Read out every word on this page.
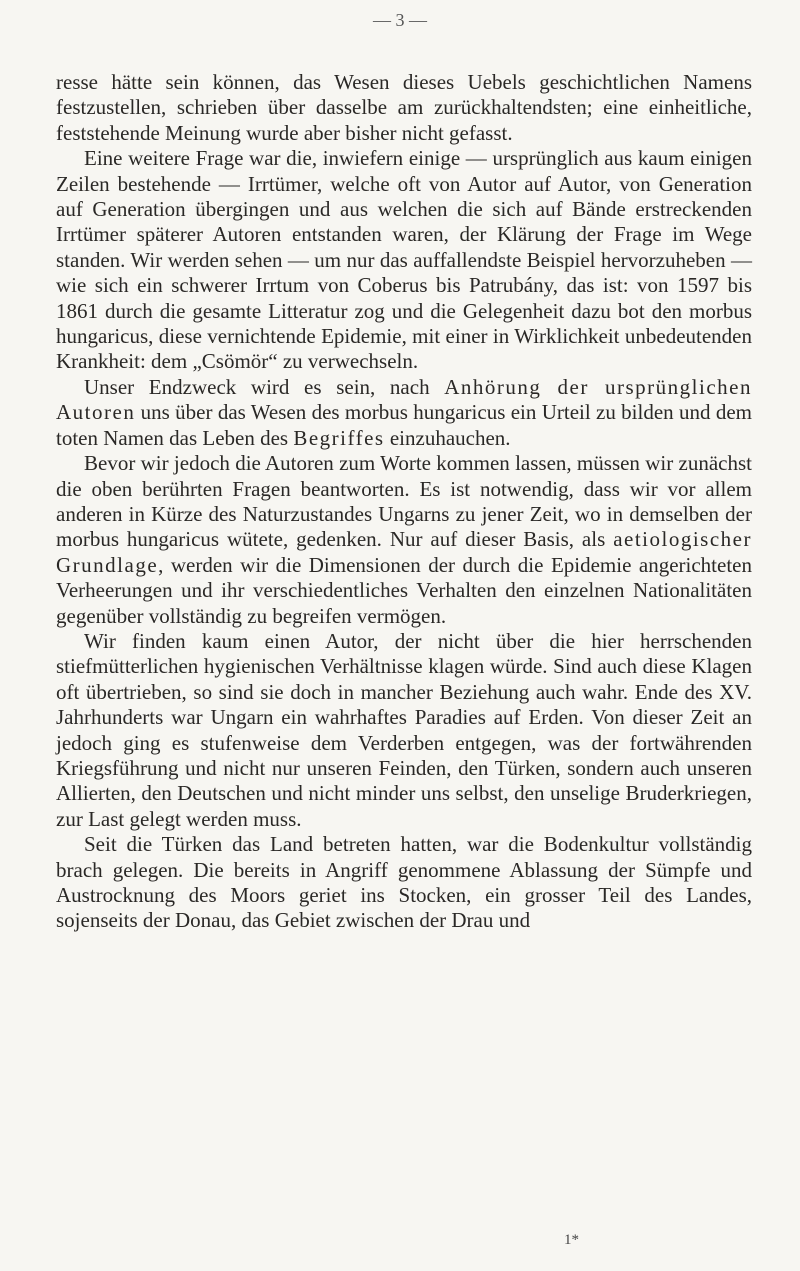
— 3 —

resse hätte sein können, das Wesen dieses Uebels geschichtlichen Namens festzustellen, schrieben über dasselbe am zurückhaltendsten; eine einheitliche, feststehende Meinung wurde aber bisher nicht gefasst.

Eine weitere Frage war die, inwiefern einige — ursprünglich aus kaum einigen Zeilen bestehende — Irrtümer, welche oft von Autor auf Autor, von Generation auf Generation übergingen und aus welchen die sich auf Bände erstreckenden Irrtümer späterer Autoren entstanden waren, der Klärung der Frage im Wege standen. Wir werden sehen — um nur das auffallendste Beispiel hervorzuheben — wie sich ein schwerer Irrtum von Coberus bis Patrubány, das ist: von 1597 bis 1861 durch die gesamte Litteratur zog und die Gelegenheit dazu bot den morbus hungaricus, diese vernichtende Epidemie, mit einer in Wirklichkeit unbedeutenden Krankheit: dem „Csömör“ zu verwechseln.

Unser Endzweck wird es sein, nach Anhörung der ursprünglichen Autoren uns über das Wesen des morbus hungaricus ein Urteil zu bilden und dem toten Namen das Leben des Begriffes einzuhauchen.

Bevor wir jedoch die Autoren zum Worte kommen lassen, müssen wir zunächst die oben berührten Fragen beantworten. Es ist notwendig, dass wir vor allem anderen in Kürze des Naturzustandes Ungarns zu jener Zeit, wo in demselben der morbus hungaricus wütete, gedenken. Nur auf dieser Basis, als aetiologischer Grundlage, werden wir die Dimensionen der durch die Epidemie angerichteten Verheerungen und ihr verschiedentliches Verhalten den einzelnen Nationalitäten gegenüber vollständig zu begreifen vermögen.

Wir finden kaum einen Autor, der nicht über die hier herrschenden stiefmütterlichen hygienischen Verhältnisse klagen würde. Sind auch diese Klagen oft übertrieben, so sind sie doch in mancher Beziehung auch wahr. Ende des XV. Jahrhunderts war Ungarn ein wahrhaftes Paradies auf Erden. Von dieser Zeit an jedoch ging es stufenweise dem Verderben entgegen, was der fortwährenden Kriegsführung und nicht nur unseren Feinden, den Türken, sondern auch unseren Allierten, den Deutschen und nicht minder uns selbst, den unselige Bruderkriegen, zur Last gelegt werden muss.

Seit die Türken das Land betreten hatten, war die Bodenkultur vollständig brach gelegen. Die bereits in Angriff genommene Ablassung der Sümpfe und Austrocknung des Moors geriet ins Stocken, ein grosser Teil des Landes, sojenseits der Donau, das Gebiet zwischen der Drau und

1*
